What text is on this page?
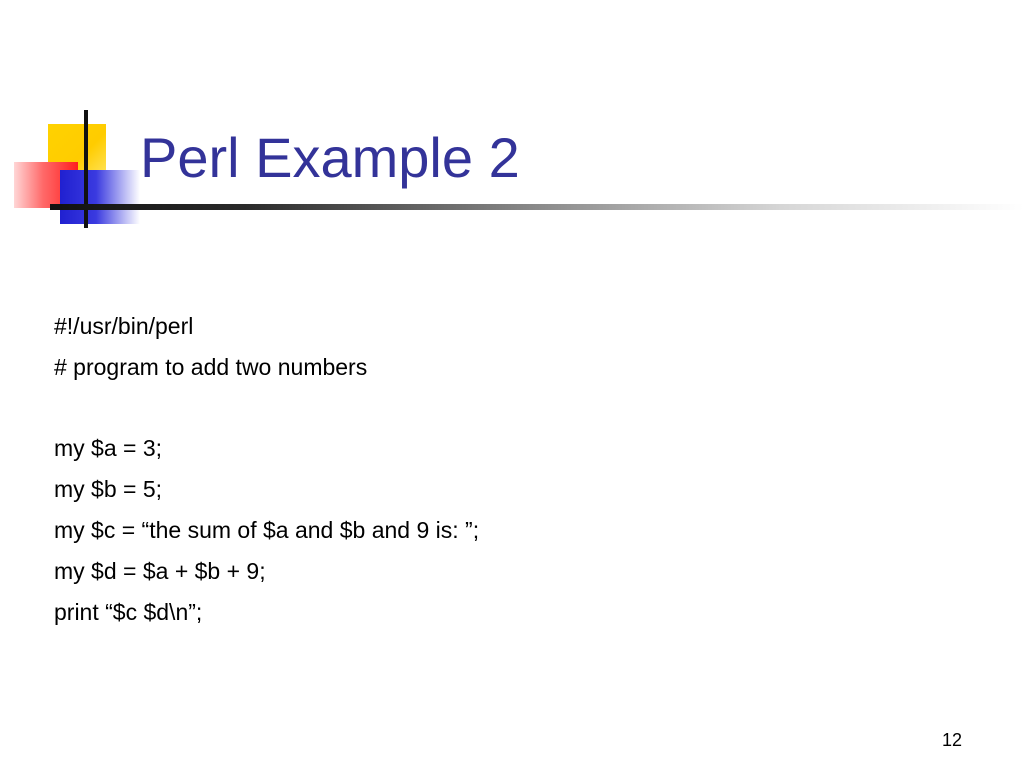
Perl Example 2
#!/usr/bin/perl
# program to add two numbers
my $a = 3;
my $b = 5;
my $c = “the sum of $a and $b and 9 is: ”;
my $d = $a + $b + 9;
print “$c $d\n”;
12
